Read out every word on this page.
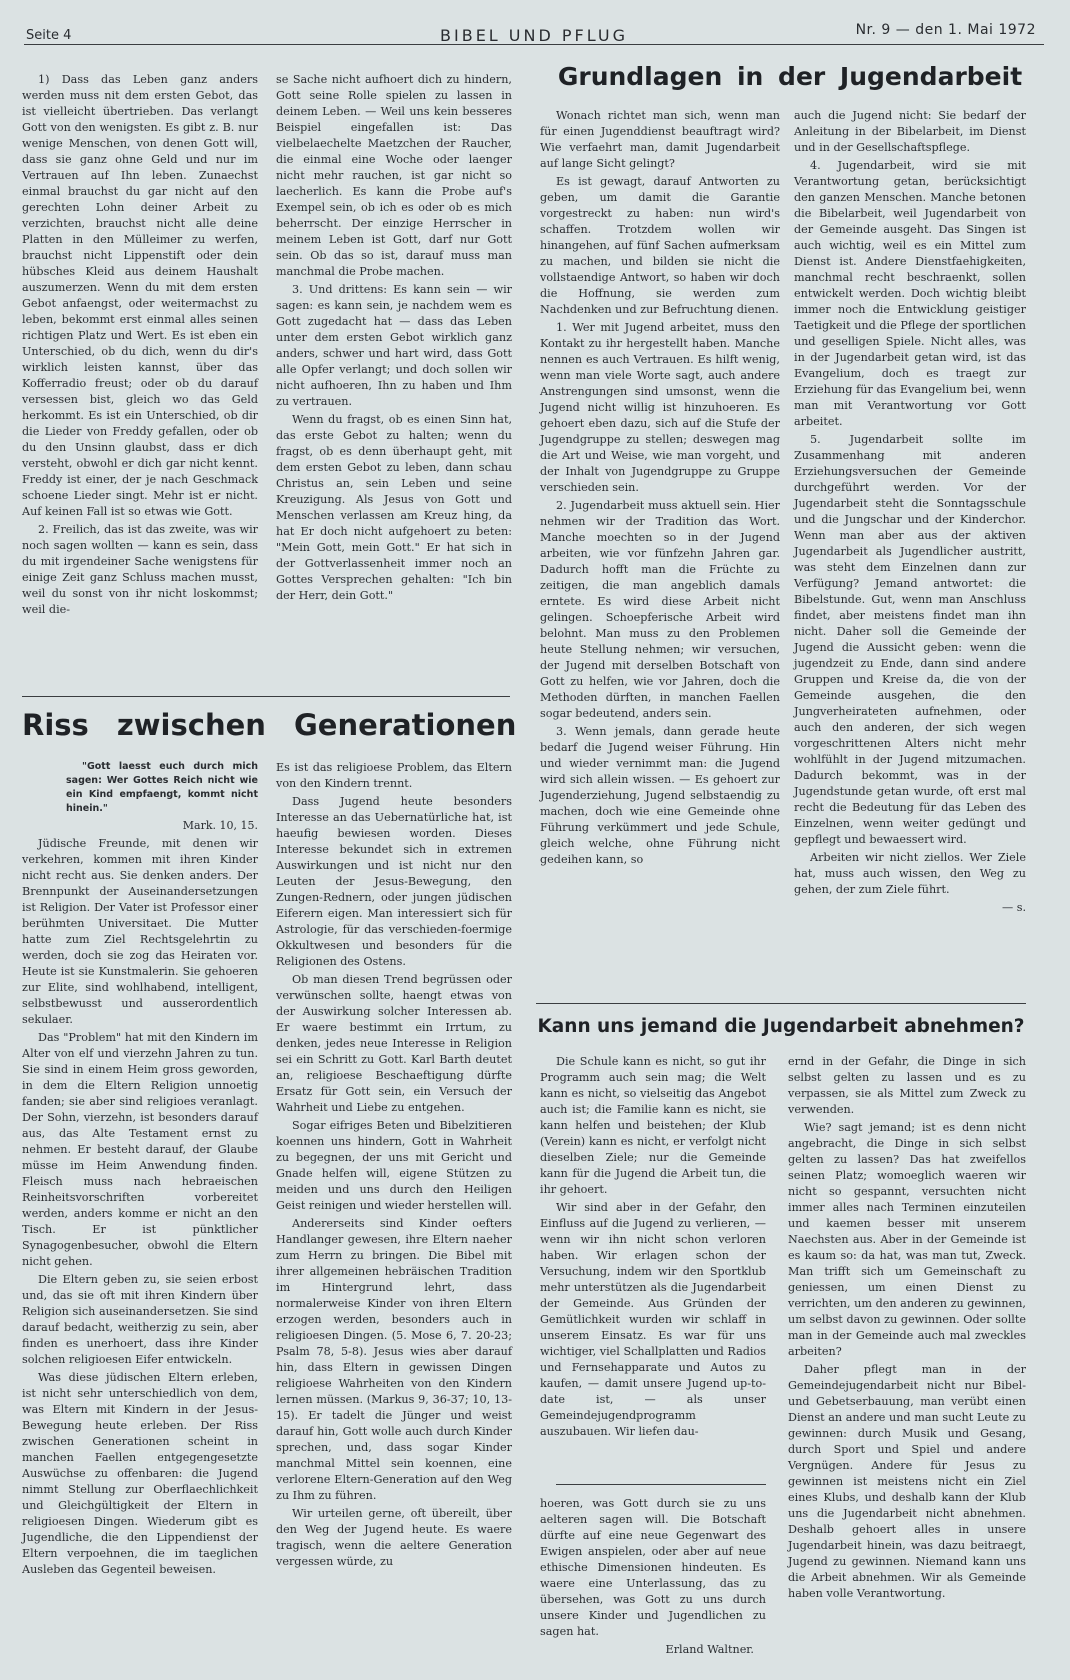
Seite 4	BIBEL UND PFLUG	Nr. 9 — den 1. Mai 1972

1) Dass das Leben ganz anders werden muss nit dem ersten Gebot, das ist vielleicht übertrieben. Das verlangt Gott von den wenigsten. Es gibt z. B. nur wenige Menschen, von denen Gott will, dass sie ganz ohne Geld und nur im Vertrauen auf Ihn leben. Zunaechst einmal brauchst du gar nicht auf den gerechten Lohn deiner Arbeit zu verzichten, brauchst nicht alle deine Platten in den Mülleimer zu werfen, brauchst nicht Lippenstift oder dein hübsches Kleid aus deinem Haushalt auszumerzen. Wenn du mit dem ersten Gebot anfaengst, oder weitermachst zu leben, bekommt erst einmal alles seinen richtigen Platz und Wert. Es ist eben ein Unterschied, ob du dich, wenn du dir's wirklich leisten kannst, über das Kofferradio freust; oder ob du darauf versessen bist, gleich wo das Geld herkommt. Es ist ein Unterschied, ob dir die Lieder von Freddy gefallen, oder ob du den Unsinn glaubst, dass er dich versteht, obwohl er dich gar nicht kennt. Freddy ist einer, der je nach Geschmack schoene Lieder singt. Mehr ist er nicht. Auf keinen Fall ist so etwas wie Gott.

2. Freilich, das ist das zweite, was wir noch sagen wollten — kann es sein, dass du mit irgendeiner Sache wenigstens für einige Zeit ganz Schluss machen musst, weil du sonst von ihr nicht loskommst; weil die-

se Sache nicht aufhoert dich zu hindern, Gott seine Rolle spielen zu lassen in deinem Leben. — Weil uns kein besseres Beispiel eingefallen ist: Das vielbelaechelte Maetzchen der Raucher, die einmal eine Woche oder laenger nicht mehr rauchen, ist gar nicht so laecherlich. Es kann die Probe auf's Exempel sein, ob ich es oder ob es mich beherrscht. Der einzige Herrscher in meinem Leben ist Gott, darf nur Gott sein. Ob das so ist, darauf muss man manchmal die Probe machen.

3. Und drittens: Es kann sein — wir sagen: es kann sein, je nachdem wem es Gott zugedacht hat — dass das Leben unter dem ersten Gebot wirklich ganz anders, schwer und hart wird, dass Gott alle Opfer verlangt; und doch sollen wir nicht aufhoeren, Ihn zu haben und Ihm zu vertrauen.

Wenn du fragst, ob es einen Sinn hat, das erste Gebot zu halten; wenn du fragst, ob es denn überhaupt geht, mit dem ersten Gebot zu leben, dann schau Christus an, sein Leben und seine Kreuzigung. Als Jesus von Gott und Menschen verlassen am Kreuz hing, da hat Er doch nicht aufgehoert zu beten: "Mein Gott, mein Gott." Er hat sich in der Gottverlassenheit immer noch an Gottes Versprechen gehalten: "Ich bin der Herr, dein Gott."

Riss zwischen Generationen

"Gott laesst euch durch mich sagen: Wer Gottes Reich nicht wie ein Kind empfaengt, kommt nicht hinein."

Mark. 10, 15.

Jüdische Freunde, mit denen wir verkehren, kommen mit ihren Kinder nicht recht aus. Sie denken anders. Der Brennpunkt der Auseinandersetzungen ist Religion. Der Vater ist Professor einer berühmten Universitaet. Die Mutter hatte zum Ziel Rechtsgelehrtin zu werden, doch sie zog das Heiraten vor. Heute ist sie Kunstmalerin. Sie gehoeren zur Elite, sind wohlhabend, intelligent, selbstbewusst und ausserordentlich sekulaer.

Das "Problem" hat mit den Kindern im Alter von elf und vierzehn Jahren zu tun. Sie sind in einem Heim gross geworden, in dem die Eltern Religion unnoetig fanden; sie aber sind religioes veranlagt. Der Sohn, vierzehn, ist besonders darauf aus, das Alte Testament ernst zu nehmen. Er besteht darauf, der Glaube müsse im Heim Anwendung finden. Fleisch muss nach hebraeischen Reinheitsvorschriften vorbereitet werden, anders komme er nicht an den Tisch. Er ist pünktlicher Synagogenbesucher, obwohl die Eltern nicht gehen.

Die Eltern geben zu, sie seien erbost und, das sie oft mit ihren Kindern über Religion sich auseinandersetzen. Sie sind darauf bedacht, weitherzig zu sein, aber finden es unerhoert, dass ihre Kinder solchen religioesen Eifer entwickeln.

Was diese jüdischen Eltern erleben, ist nicht sehr unterschiedlich von dem, was Eltern mit Kindern in der Jesus-Bewegung heute erleben. Der Riss zwischen Generationen scheint in manchen Faellen entgegengesetzte Auswüchse zu offenbaren: die Jugend nimmt Stellung zur Oberflaechlichkeit und Gleichgültigkeit der Eltern in religioesen Dingen. Wiederum gibt es Jugendliche, die den Lippendienst der Eltern verpoehnen, die im taeglichen Ausleben das Gegenteil beweisen.

Es ist das religioese Problem, das Eltern von den Kindern trennt.

Dass Jugend heute besonders Interesse an das Uebernatürliche hat, ist haeufig bewiesen worden. Dieses Interesse bekundet sich in extremen Auswirkungen und ist nicht nur den Leuten der Jesus-Bewegung, den Zungen-Rednern, oder jungen jüdischen Eiferern eigen. Man interessiert sich für Astrologie, für das verschieden-foermige Okkultwesen und besonders für die Religionen des Ostens.

Ob man diesen Trend begrüssen oder verwünschen sollte, haengt etwas von der Auswirkung solcher Interessen ab. Er waere bestimmt ein Irrtum, zu denken, jedes neue Interesse in Religion sei ein Schritt zu Gott. Karl Barth deutet an, religioese Beschaeftigung dürfte Ersatz für Gott sein, ein Versuch der Wahrheit und Liebe zu entgehen.

Sogar eifriges Beten und Bibelzitieren koennen uns hindern, Gott in Wahrheit zu begegnen, der uns mit Gericht und Gnade helfen will, eigene Stützen zu meiden und uns durch den Heiligen Geist reinigen und wieder herstellen will.

Andererseits sind Kinder oefters Handlanger gewesen, ihre Eltern naeher zum Herrn zu bringen. Die Bibel mit ihrer allgemeinen hebräischen Tradition im Hintergrund lehrt, dass normalerweise Kinder von ihren Eltern erzogen werden, besonders auch in religioesen Dingen. (5. Mose 6, 7. 20-23; Psalm 78, 5-8). Jesus wies aber darauf hin, dass Eltern in gewissen Dingen religioese Wahrheiten von den Kindern lernen müssen. (Markus 9, 36-37; 10, 13-15). Er tadelt die Jünger und weist darauf hin, Gott wolle auch durch Kinder sprechen, und, dass sogar Kinder manchmal Mittel sein koennen, eine verlorene Eltern-Generation auf den Weg zu Ihm zu führen.

Wir urteilen gerne, oft übereilt, über den Weg der Jugend heute. Es waere tragisch, wenn die aeltere Generation vergessen würde, zu

Grundlagen in der Jugendarbeit

Wonach richtet man sich, wenn man für einen Jugenddienst beauftragt wird? Wie verfaehrt man, damit Jugendarbeit auf lange Sicht gelingt?

Es ist gewagt, darauf Antworten zu geben, um damit die Garantie vorgestreckt zu haben: nun wird's schaffen. Trotzdem wollen wir hinangehen, auf fünf Sachen aufmerksam zu machen, und bilden sie nicht die vollstaendige Antwort, so haben wir doch die Hoffnung, sie werden zum Nachdenken und zur Befruchtung dienen.

1. Wer mit Jugend arbeitet, muss den Kontakt zu ihr hergestellt haben. Manche nennen es auch Vertrauen. Es hilft wenig, wenn man viele Worte sagt, auch andere Anstrengungen sind umsonst, wenn die Jugend nicht willig ist hinzuhoeren. Es gehoert eben dazu, sich auf die Stufe der Jugendgruppe zu stellen; deswegen mag die Art und Weise, wie man vorgeht, und der Inhalt von Jugendgruppe zu Gruppe verschieden sein.

2. Jugendarbeit muss aktuell sein. Hier nehmen wir der Tradition das Wort. Manche moechten so in der Jugend arbeiten, wie vor fünfzehn Jahren gar. Dadurch hofft man die Früchte zu zeitigen, die man angeblich damals erntete. Es wird diese Arbeit nicht gelingen. Schoepferische Arbeit wird belohnt. Man muss zu den Problemen heute Stellung nehmen; wir versuchen, der Jugend mit derselben Botschaft von Gott zu helfen, wie vor Jahren, doch die Methoden dürften, in manchen Faellen sogar bedeutend, anders sein.

3. Wenn jemals, dann gerade heute bedarf die Jugend weiser Führung. Hin und wieder vernimmt man: die Jugend wird sich allein wissen. — Es gehoert zur Jugenderziehung, Jugend selbstaendig zu machen, doch wie eine Gemeinde ohne Führung verkümmert und jede Schule, gleich welche, ohne Führung nicht gedeihen kann, so

auch die Jugend nicht: Sie bedarf der Anleitung in der Bibelarbeit, im Dienst und in der Gesellschaftspflege.

4. Jugendarbeit, wird sie mit Verantwortung getan, berücksichtigt den ganzen Menschen. Manche betonen die Bibelarbeit, weil Jugendarbeit von der Gemeinde ausgeht. Das Singen ist auch wichtig, weil es ein Mittel zum Dienst ist. Andere Dienstfaehigkeiten, manchmal recht beschraenkt, sollen entwickelt werden. Doch wichtig bleibt immer noch die Entwicklung geistiger Taetigkeit und die Pflege der sportlichen und geselligen Spiele. Nicht alles, was in der Jugendarbeit getan wird, ist das Evangelium, doch es traegt zur Erziehung für das Evangelium bei, wenn man mit Verantwortung vor Gott arbeitet.

5. Jugendarbeit sollte im Zusammenhang mit anderen Erziehungsversuchen der Gemeinde durchgeführt werden. Vor der Jugendarbeit steht die Sonntagsschule und die Jungschar und der Kinderchor. Wenn man aber aus der aktiven Jugendarbeit als Jugendlicher austritt, was steht dem Einzelnen dann zur Verfügung? Jemand antwortet: die Bibelstunde. Gut, wenn man Anschluss findet, aber meistens findet man ihn nicht. Daher soll die Gemeinde der Jugend die Aussicht geben: wenn die jugendzeit zu Ende, dann sind andere Gruppen und Kreise da, die von der Gemeinde ausgehen, die den Jungverheirateten aufnehmen, oder auch den anderen, der sich wegen vorgeschrittenen Alters nicht mehr wohlfühlt in der Jugend mitzumachen. Dadurch bekommt, was in der Jugendstunde getan wurde, oft erst mal recht die Bedeutung für das Leben des Einzelnen, wenn weiter gedüngt und gepflegt und bewaessert wird.

Arbeiten wir nicht ziellos. Wer Ziele hat, muss auch wissen, den Weg zu gehen, der zum Ziele führt.

— s.

Kann uns jemand die Jugendarbeit abnehmen?

Die Schule kann es nicht, so gut ihr Programm auch sein mag; die Welt kann es nicht, so vielseitig das Angebot auch ist; die Familie kann es nicht, sie kann helfen und beistehen; der Klub (Verein) kann es nicht, er verfolgt nicht dieselben Ziele; nur die Gemeinde kann für die Jugend die Arbeit tun, die ihr gehoert.

Wir sind aber in der Gefahr, den Einfluss auf die Jugend zu verlieren, — wenn wir ihn nicht schon verloren haben. Wir erlagen schon der Versuchung, indem wir den Sportklub mehr unterstützen als die Jugendarbeit der Gemeinde. Aus Gründen der Gemütlichkeit wurden wir schlaff in unserem Einsatz. Es war für uns wichtiger, viel Schallplatten und Radios und Fernsehapparate und Autos zu kaufen, — damit unsere Jugend up-to-date ist, — als unser Gemeindejugendprogramm auszubauen. Wir liefen dau-

hoeren, was Gott durch sie zu uns aelteren sagen will. Die Botschaft dürfte auf eine neue Gegenwart des Ewigen anspielen, oder aber auf neue ethische Dimensionen hindeuten. Es waere eine Unterlassung, das zu übersehen, was Gott zu uns durch unsere Kinder und Jugendlichen zu sagen hat.

Erland Waltner.

ernd in der Gefahr, die Dinge in sich selbst gelten zu lassen und es zu verpassen, sie als Mittel zum Zweck zu verwenden.

Wie? sagt jemand; ist es denn nicht angebracht, die Dinge in sich selbst gelten zu lassen? Das hat zweifellos seinen Platz; womoeglich waeren wir nicht so gespannt, versuchten nicht immer alles nach Terminen einzuteilen und kaemen besser mit unserem Naechsten aus. Aber in der Gemeinde ist es kaum so: da hat, was man tut, Zweck. Man trifft sich um Gemeinschaft zu geniessen, um einen Dienst zu verrichten, um den anderen zu gewinnen, um selbst davon zu gewinnen. Oder sollte man in der Gemeinde auch mal zweckles arbeiten?

Daher pflegt man in der Gemeindejugendarbeit nicht nur Bibel- und Gebetserbauung, man verübt einen Dienst an andere und man sucht Leute zu gewinnen: durch Musik und Gesang, durch Sport und Spiel und andere Vergnügen. Andere für Jesus zu gewinnen ist meistens nicht ein Ziel eines Klubs, und deshalb kann der Klub uns die Jugendarbeit nicht abnehmen. Deshalb gehoert alles in unsere Jugendarbeit hinein, was dazu beitraegt, Jugend zu gewinnen. Niemand kann uns die Arbeit abnehmen. Wir als Gemeinde haben volle Verantwortung.
